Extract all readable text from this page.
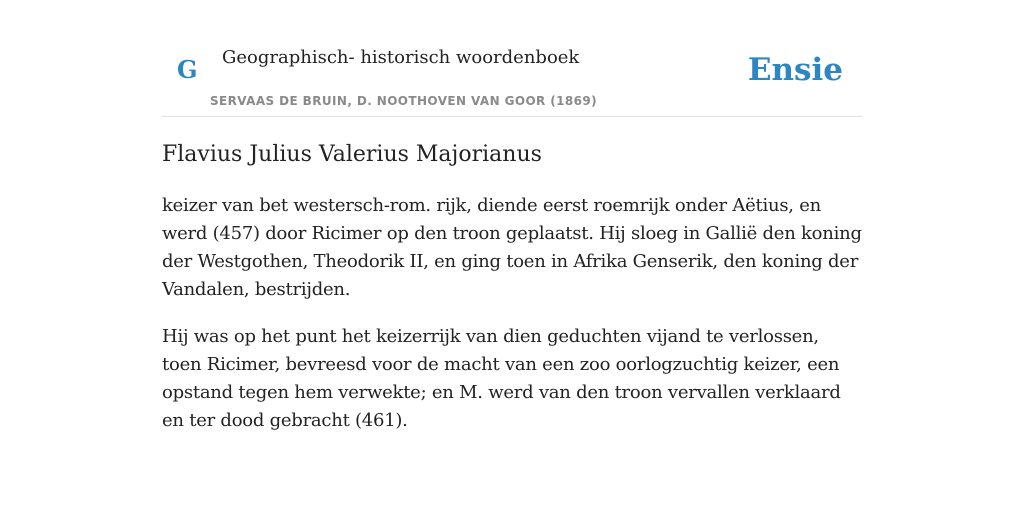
G Geographisch- historisch woordenboek
SERVAAS DE BRUIN, D. NOOTHOVEN VAN GOOR (1869)
Ensie
Flavius Julius Valerius Majorianus

keizer van bet westersch-rom. rijk, diende eerst roemrijk onder Aëtius, en werd (457) door Ricimer op den troon geplaatst. Hij sloeg in Gallië den koning der Westgothen, Theodorik II, en ging toen in Afrika Genserik, den koning der Vandalen, bestrijden.

Hij was op het punt het keizerrijk van dien geduchten vijand te verlossen, toen Ricimer, bevreesd voor de macht van een zoo oorlogzuchtig keizer, een opstand tegen hem verwekte; en M. werd van den troon vervallen verklaard en ter dood gebracht (461).
